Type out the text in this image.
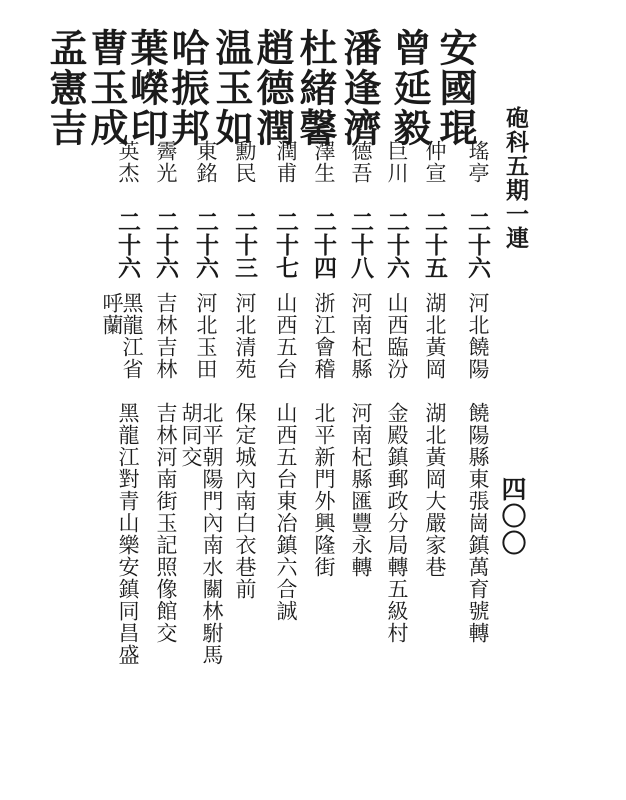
砲科五期一連
四〇〇
安國琨
瑤亭
二十六
河北饒陽
饒陽縣東張崗鎮萬育號轉
曾延毅
仲宣
二十五
湖北黃岡
湖北黃岡大嚴家巷
潘逢濟
巨川
二十六
山西臨汾
金殿鎮郵政分局轉五級村
杜緒馨
德吾
二十八
河南杞縣
河南杞縣匯豐永轉
趙德潤
澤生
二十四
浙江會稽
北平新門外興隆街
温玉如
潤甫
二十七
山西五台
山西五台東冶鎮六合誠
哈振邦
勳民
二十三
河北清苑
保定城內南白衣巷前
葉嶸印
東銘
二十六
河北玉田
北平朝陽門內南水關林駙馬
胡同交
曹玉成
霽光
二十六
吉林吉林
吉林河南街玉記照像館交
孟憲吉
英杰
二十六
黑龍江省
呼蘭
黑龍江對青山樂安鎮同昌盛
